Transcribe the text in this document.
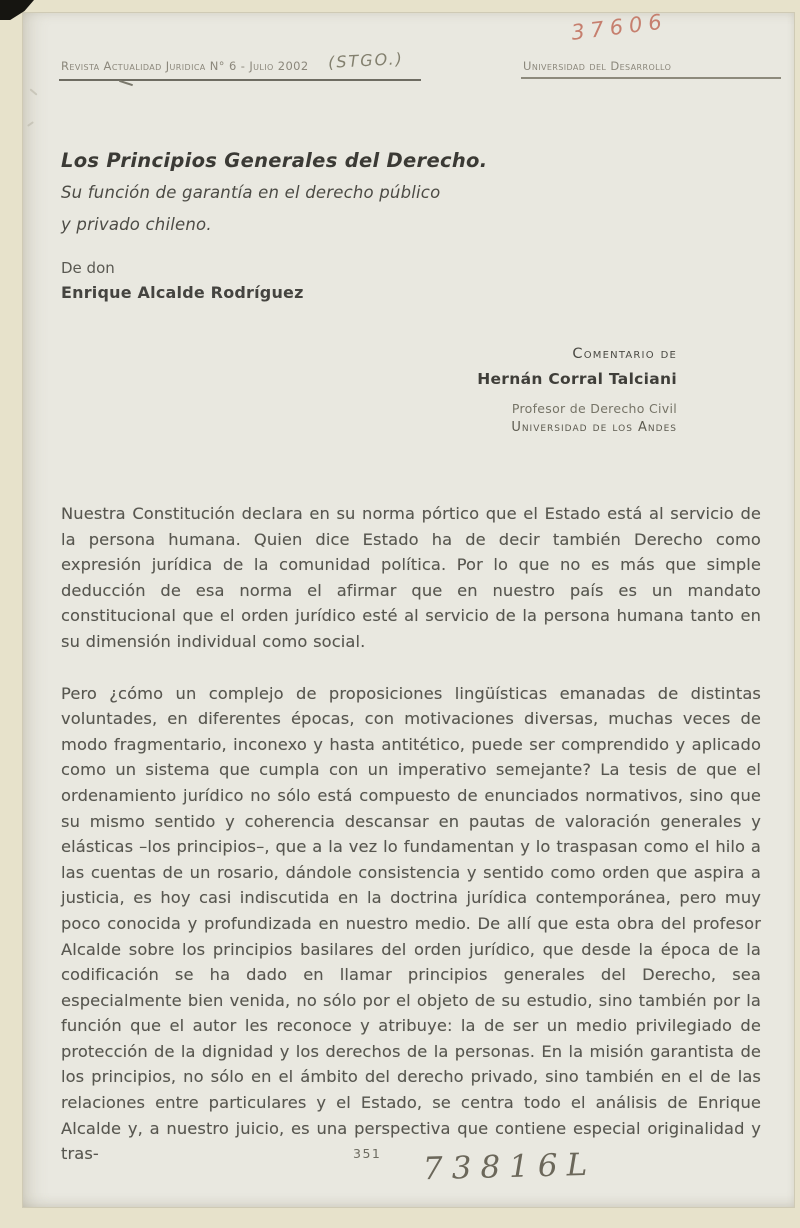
37606
Revista Actualidad Juridica N° 6 - Julio 2002 (STGO.)	Universidad del Desarrollo
Los Principios Generales del Derecho.
Su función de garantía en el derecho público
y privado chileno.
De don
Enrique Alcalde Rodríguez
Comentario de
Hernán Corral Talciani
Profesor de Derecho Civil
Universidad de los Andes

Nuestra Constitución declara en su norma pórtico que el Estado está al servicio de la persona humana. Quien dice Estado ha de decir también Derecho como expresión jurídica de la comunidad política. Por lo que no es más que simple deducción de esa norma el afirmar que en nuestro país es un mandato constitucional que el orden jurídico esté al servicio de la persona humana tanto en su dimensión individual como social.

Pero ¿cómo un complejo de proposiciones lingüísticas emanadas de distintas voluntades, en diferentes épocas, con motivaciones diversas, muchas veces de modo fragmentario, inconexo y hasta antitético, puede ser comprendido y aplicado como un sistema que cumpla con un imperativo semejante? La tesis de que el ordenamiento jurídico no sólo está compuesto de enunciados normativos, sino que su mismo sentido y coherencia descansar en pautas de valoración generales y elásticas –los principios–, que a la vez lo fundamentan y lo traspasan como el hilo a las cuentas de un rosario, dándole consistencia y sentido como orden que aspira a justicia, es hoy casi indiscutida en la doctrina jurídica contemporánea, pero muy poco conocida y profundizada en nuestro medio. De allí que esta obra del profesor Alcalde sobre los principios basilares del orden jurídico, que desde la época de la codificación se ha dado en llamar principios generales del Derecho, sea especialmente bien venida, no sólo por el objeto de su estudio, sino también por la función que el autor les reconoce y atribuye: la de ser un medio privilegiado de protección de la dignidad y los derechos de la personas. En la misión garantista de los principios, no sólo en el ámbito del derecho privado, sino también en el de las relaciones entre particulares y el Estado, se centra todo el análisis de Enrique Alcalde y, a nuestro juicio, es una perspectiva que contiene especial originalidad y tras-	351 73816L
